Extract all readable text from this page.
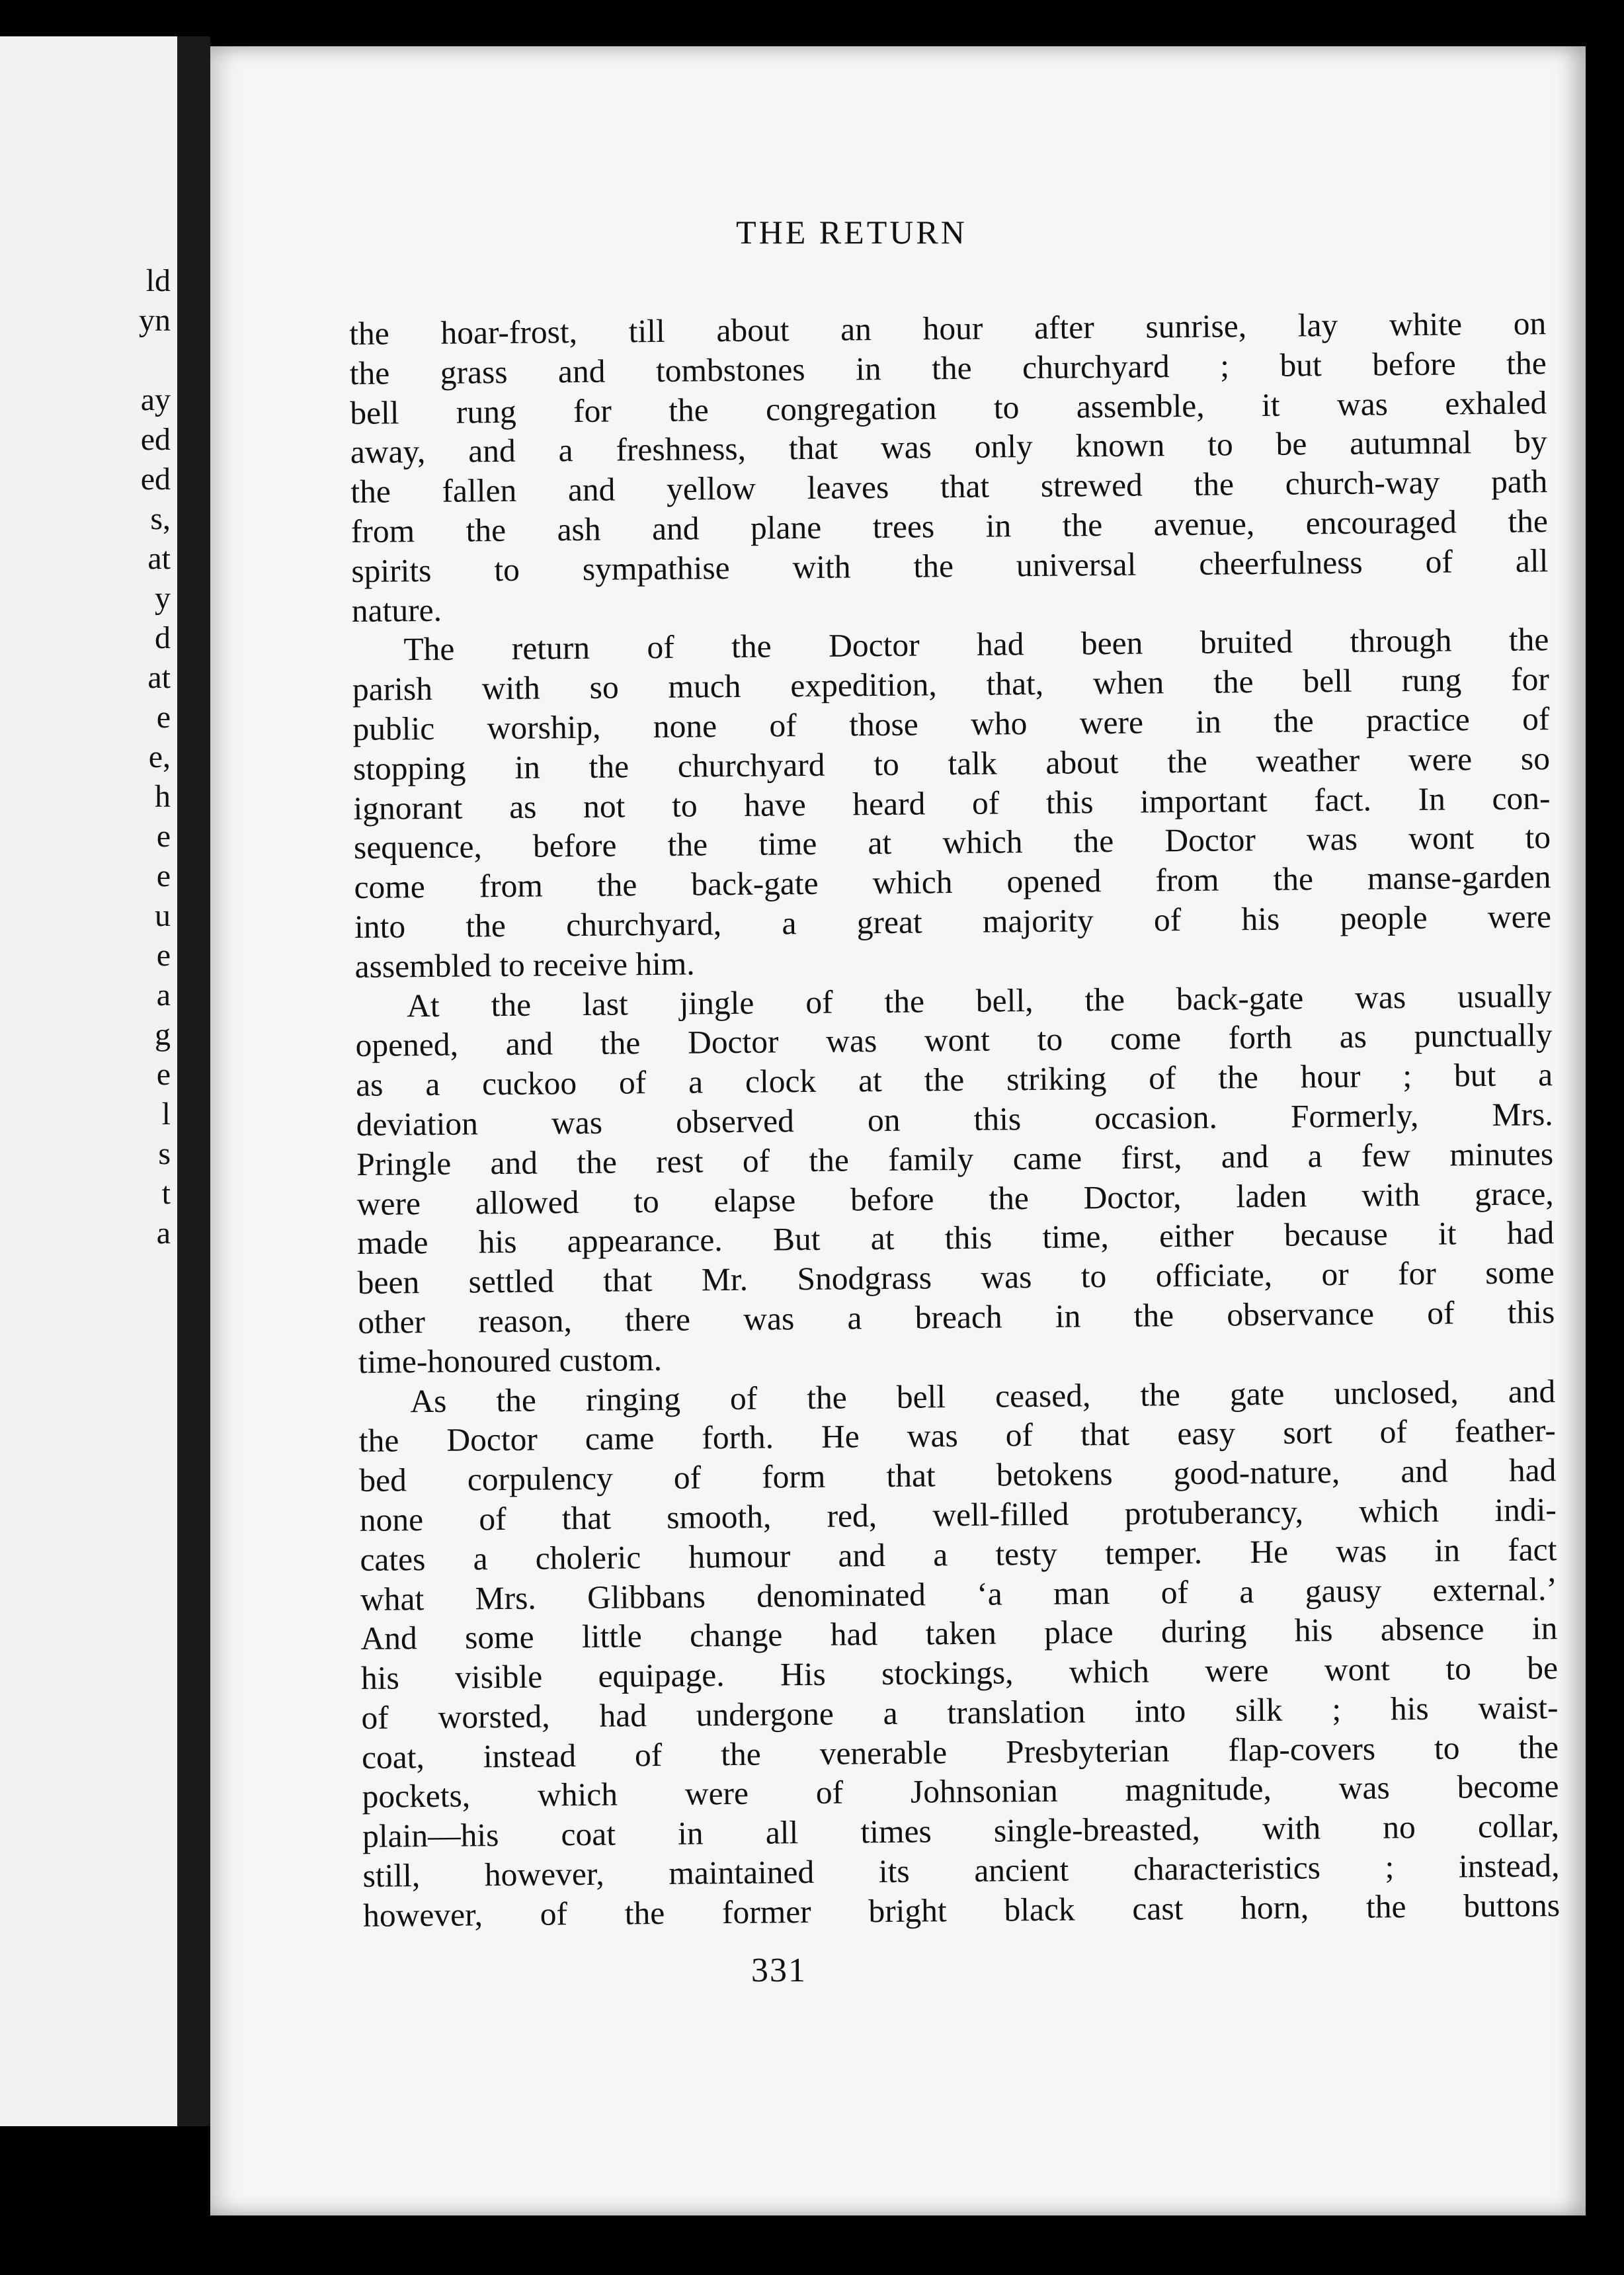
ld
yn
ay
ed
ed
s,
at
y
d
at
e
e,
h
e
e
u
e
a
g
e
l
s
t
a
THE RETURN
the hoar-frost, till about an hour after sunrise, lay white on
the grass and tombstones in the churchyard ; but before the
bell rung for the congregation to assemble, it was exhaled
away, and a freshness, that was only known to be autumnal by
the fallen and yellow leaves that strewed the church-way path
from the ash and plane trees in the avenue, encouraged the
spirits to sympathise with the universal cheerfulness of all
nature.
The return of the Doctor had been bruited through the
parish with so much expedition, that, when the bell rung for
public worship, none of those who were in the practice of
stopping in the churchyard to talk about the weather were so
ignorant as not to have heard of this important fact. In con-
sequence, before the time at which the Doctor was wont to
come from the back-gate which opened from the manse-garden
into the churchyard, a great majority of his people were
assembled to receive him.
At the last jingle of the bell, the back-gate was usually
opened, and the Doctor was wont to come forth as punctually
as a cuckoo of a clock at the striking of the hour ; but a
deviation was observed on this occasion. Formerly, Mrs.
Pringle and the rest of the family came first, and a few minutes
were allowed to elapse before the Doctor, laden with grace,
made his appearance. But at this time, either because it had
been settled that Mr. Snodgrass was to officiate, or for some
other reason, there was a breach in the observance of this
time-honoured custom.
As the ringing of the bell ceased, the gate unclosed, and
the Doctor came forth. He was of that easy sort of feather-
bed corpulency of form that betokens good-nature, and had
none of that smooth, red, well-filled protuberancy, which indi-
cates a choleric humour and a testy temper. He was in fact
what Mrs. Glibbans denominated ‘a man of a gausy external.’
And some little change had taken place during his absence in
his visible equipage. His stockings, which were wont to be
of worsted, had undergone a translation into silk ; his waist-
coat, instead of the venerable Presbyterian flap-covers to the
pockets, which were of Johnsonian magnitude, was become
plain—his coat in all times single-breasted, with no collar,
still, however, maintained its ancient characteristics ; instead,
however, of the former bright black cast horn, the buttons
331
